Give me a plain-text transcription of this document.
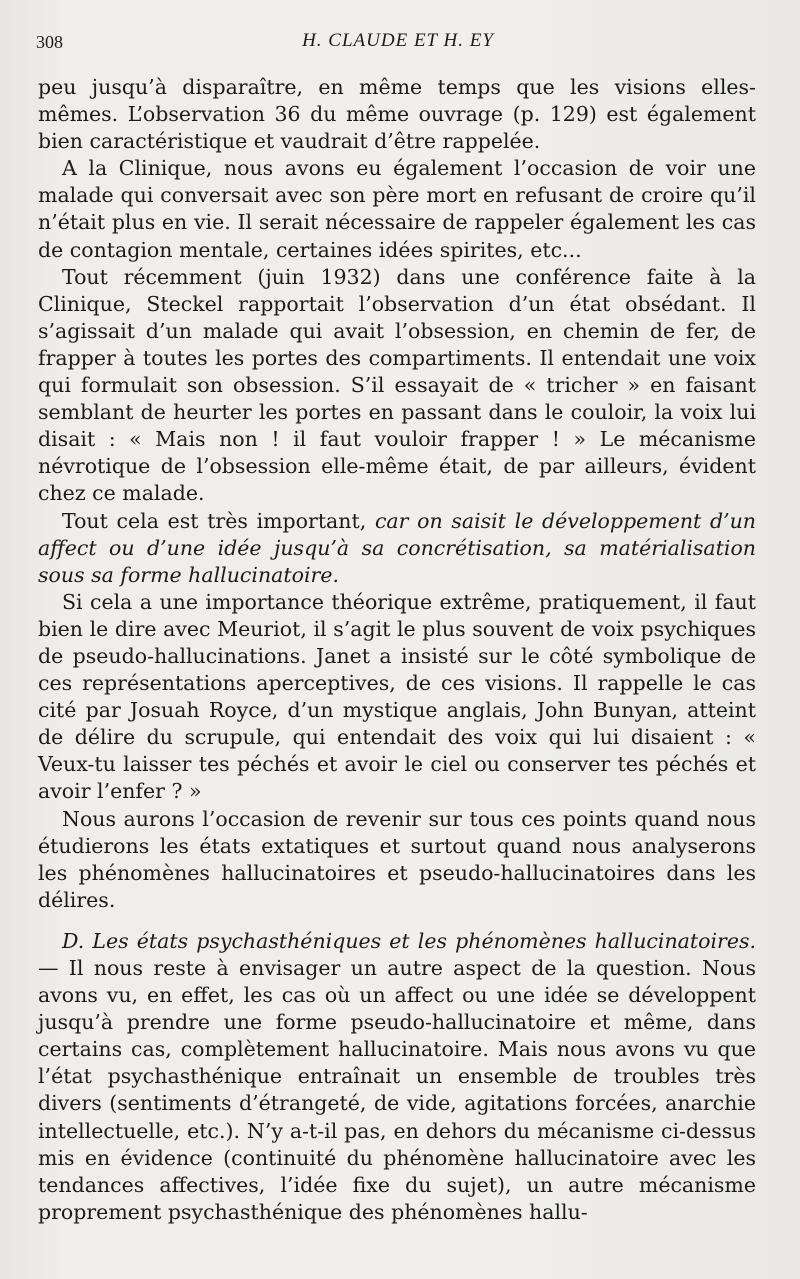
308	H. CLAUDE ET H. EY

peu jusqu’à disparaître, en même temps que les visions elles-mêmes. L’observation 36 du même ouvrage (p. 129) est également bien caractéristique et vaudrait d’être rappelée.

A la Clinique, nous avons eu également l’occasion de voir une malade qui conversait avec son père mort en refusant de croire qu’il n’était plus en vie. Il serait nécessaire de rappeler également les cas de contagion mentale, certaines idées spirites, etc...

Tout récemment (juin 1932) dans une conférence faite à la Clinique, Steckel rapportait l’observation d’un état obsédant. Il s’agissait d’un malade qui avait l’obsession, en chemin de fer, de frapper à toutes les portes des compartiments. Il entendait une voix qui formulait son obsession. S’il essayait de « tricher » en faisant semblant de heurter les portes en passant dans le couloir, la voix lui disait : « Mais non ! il faut vouloir frapper ! » Le mécanisme névrotique de l’obsession elle-même était, de par ailleurs, évident chez ce malade.

Tout cela est très important, car on saisit le développement d’un affect ou d’une idée jusqu’à sa concrétisation, sa matérialisation sous sa forme hallucinatoire.

Si cela a une importance théorique extrême, pratiquement, il faut bien le dire avec Meuriot, il s’agit le plus souvent de voix psychiques de pseudo-hallucinations. Janet a insisté sur le côté symbolique de ces représentations aperceptives, de ces visions. Il rappelle le cas cité par Josuah Royce, d’un mystique anglais, John Bunyan, atteint de délire du scrupule, qui entendait des voix qui lui disaient : « Veux-tu laisser tes péchés et avoir le ciel ou conserver tes péchés et avoir l’enfer ? »

Nous aurons l’occasion de revenir sur tous ces points quand nous étudierons les états extatiques et surtout quand nous analyserons les phénomènes hallucinatoires et pseudo-hallucinatoires dans les délires.

D. Les états psychasthéniques et les phénomènes hallucinatoires. — Il nous reste à envisager un autre aspect de la question. Nous avons vu, en effet, les cas où un affect ou une idée se développent jusqu’à prendre une forme pseudo-hallucinatoire et même, dans certains cas, complètement hallucinatoire. Mais nous avons vu que l’état psychasthénique entraînait un ensemble de troubles très divers (sentiments d’étrangeté, de vide, agitations forcées, anarchie intellectuelle, etc.). N’y a-t-il pas, en dehors du mécanisme ci-dessus mis en évidence (continuité du phénomène hallucinatoire avec les tendances affectives, l’idée fixe du sujet), un autre mécanisme proprement psychasthénique des phénomènes hallu-
